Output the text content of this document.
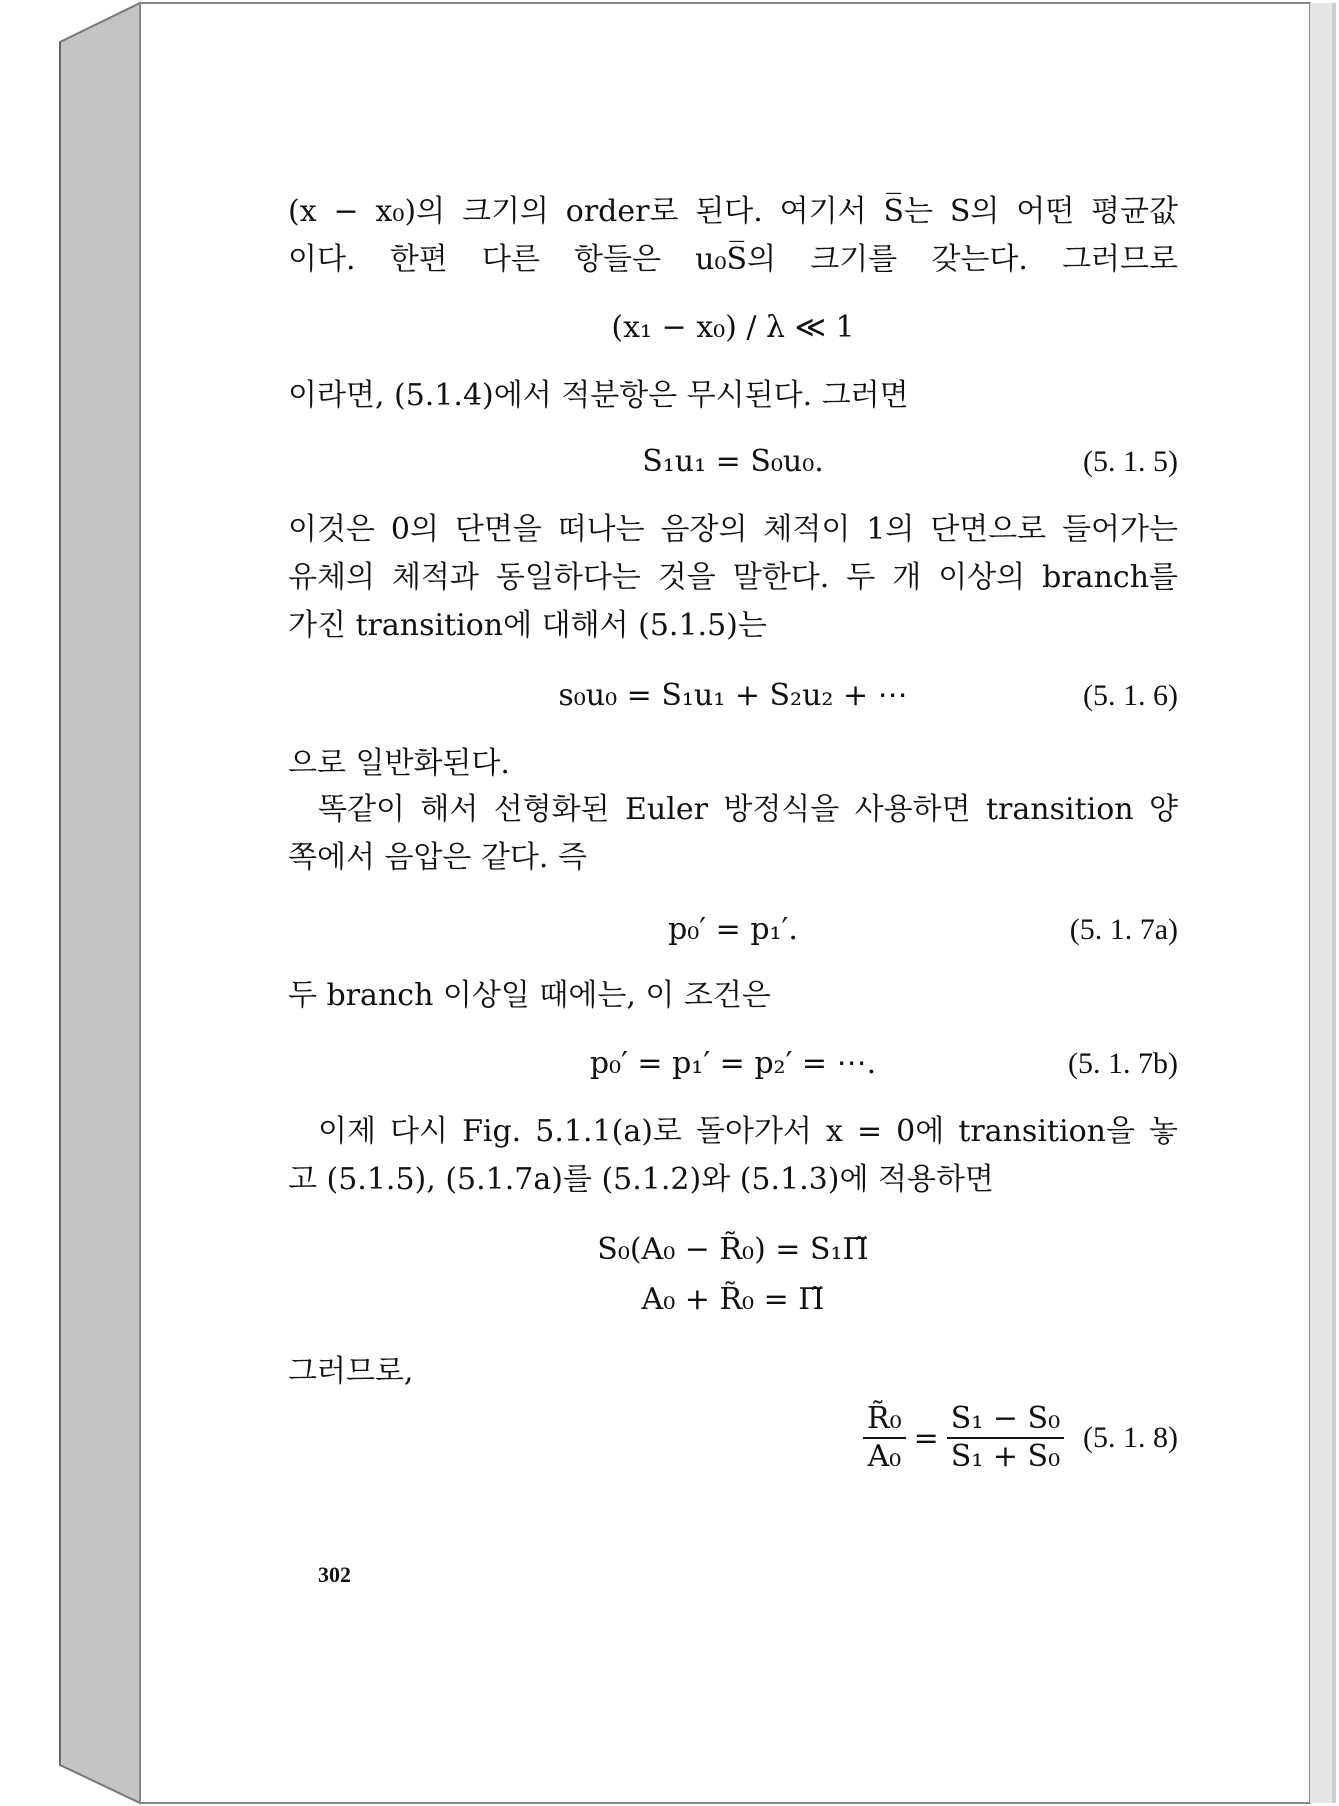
(x − x₀)의 크기의 order로 된다. 여기서 S̅는 S의 어떤 평균값
이다. 한편 다른 항들은 u₀S̅의 크기를 갖는다. 그러므로
(x₁ − x₀) / λ ≪ 1
이라면, (5.1.4)에서 적분항은 무시된다. 그러면
S₁u₁ = S₀u₀.	(5. 1. 5)
이것은 0의 단면을 떠나는 음장의 체적이 1의 단면으로 들어가는
유체의 체적과 동일하다는 것을 말한다. 두 개 이상의 branch를
가진 transition에 대해서 (5.1.5)는
s₀u₀ = S₁u₁ + S₂u₂ + ⋯	(5. 1. 6)
으로 일반화된다.
똑같이 해서 선형화된 Euler 방정식을 사용하면 transition 양
쪽에서 음압은 같다. 즉
p₀′ = p₁′.	(5. 1. 7a)
두 branch 이상일 때에는, 이 조건은
p₀′ = p₁′ = p₂′ = ⋯.	(5. 1. 7b)
이제 다시 Fig. 5.1.1(a)로 돌아가서 x = 0에 transition을 놓
고 (5.1.5), (5.1.7a)를 (5.1.2)와 (5.1.3)에 적용하면
S₀(A₀ − R̃₀) = S₁Π̃
A₀ + R̃₀ = Π̃
그러므로,
$\frac{\text{R̃₀}}{\text{A₀}} = \frac{\text{S₁ − S₀}}{\text{S₁ + S₀}} (5$. 1. 8)
302
